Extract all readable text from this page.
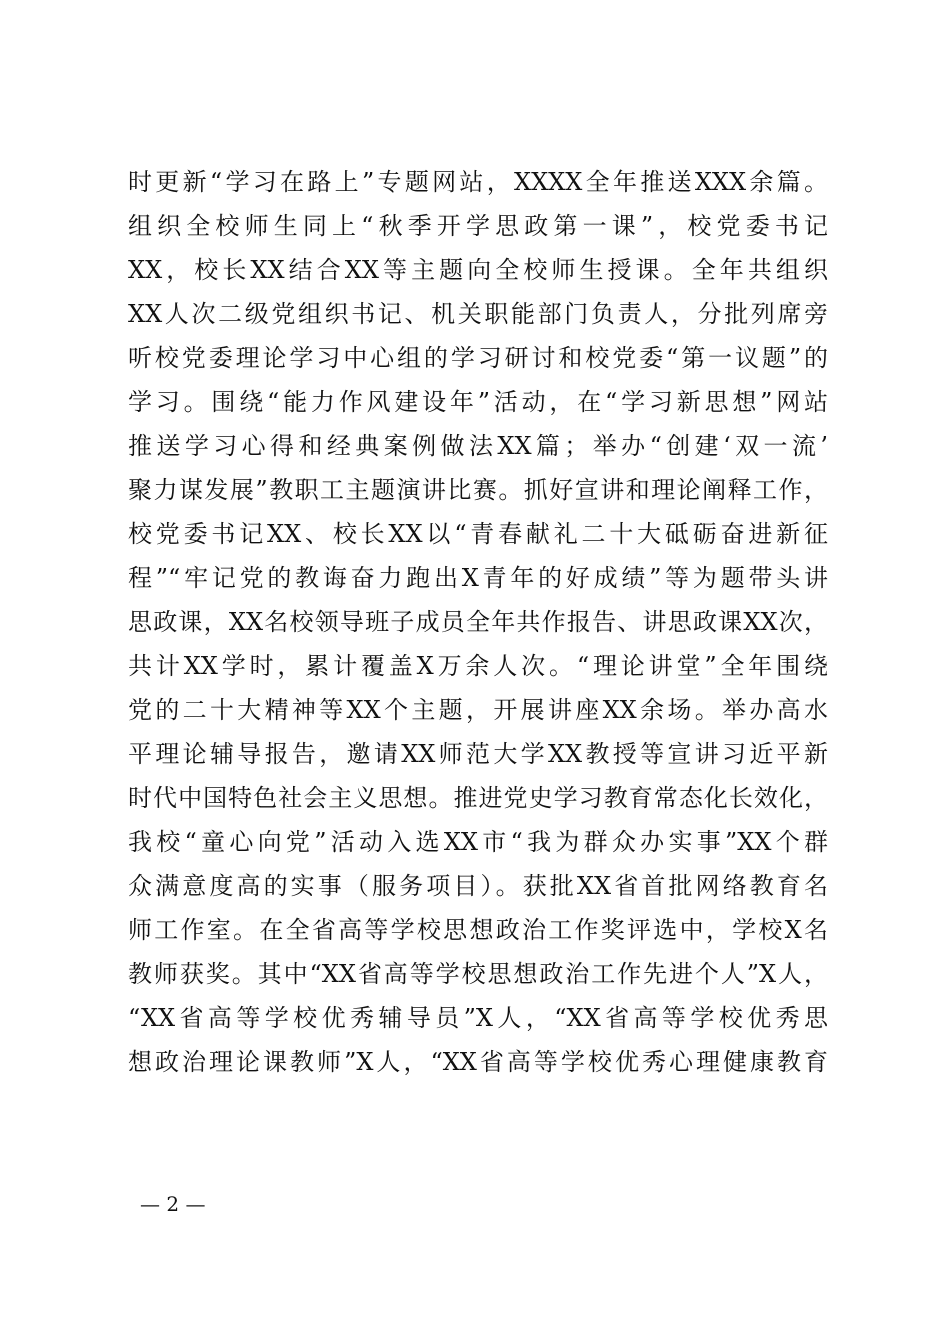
时更新“学习在路上”专题网站，XXXX全年推送XXX余篇。
组织全校师生同上“秋季开学思政第一课”，校党委书记
XX，校长XX结合XX等主题向全校师生授课。全年共组织
XX人次二级党组织书记、机关职能部门负责人，分批列席旁
听校党委理论学习中心组的学习研讨和校党委“第一议题”的
学习。围绕“能力作风建设年”活动，在“学习新思想”网站
推送学习心得和经典案例做法XX篇；举办“创建‘双一流’
聚力谋发展”教职工主题演讲比赛。抓好宣讲和理论阐释工作，
校党委书记XX、校长XX以“青春献礼二十大砥砺奋进新征
程”“牢记党的教诲奋力跑出X青年的好成绩”等为题带头讲
思政课，XX名校领导班子成员全年共作报告、讲思政课XX次，
共计XX学时，累计覆盖X万余人次。“理论讲堂”全年围绕
党的二十大精神等XX个主题，开展讲座XX余场。举办高水
平理论辅导报告，邀请XX师范大学XX教授等宣讲习近平新
时代中国特色社会主义思想。推进党史学习教育常态化长效化，
我校“童心向党”活动入选XX市“我为群众办实事”XX个群
众满意度高的实事（服务项目）。获批XX省首批网络教育名
师工作室。在全省高等学校思想政治工作奖评选中，学校X名
教师获奖。其中“XX省高等学校思想政治工作先进个人”X人，
“XX省高等学校优秀辅导员”X人，“XX省高等学校优秀思
想政治理论课教师”X人，“XX省高等学校优秀心理健康教育
— 2 —
